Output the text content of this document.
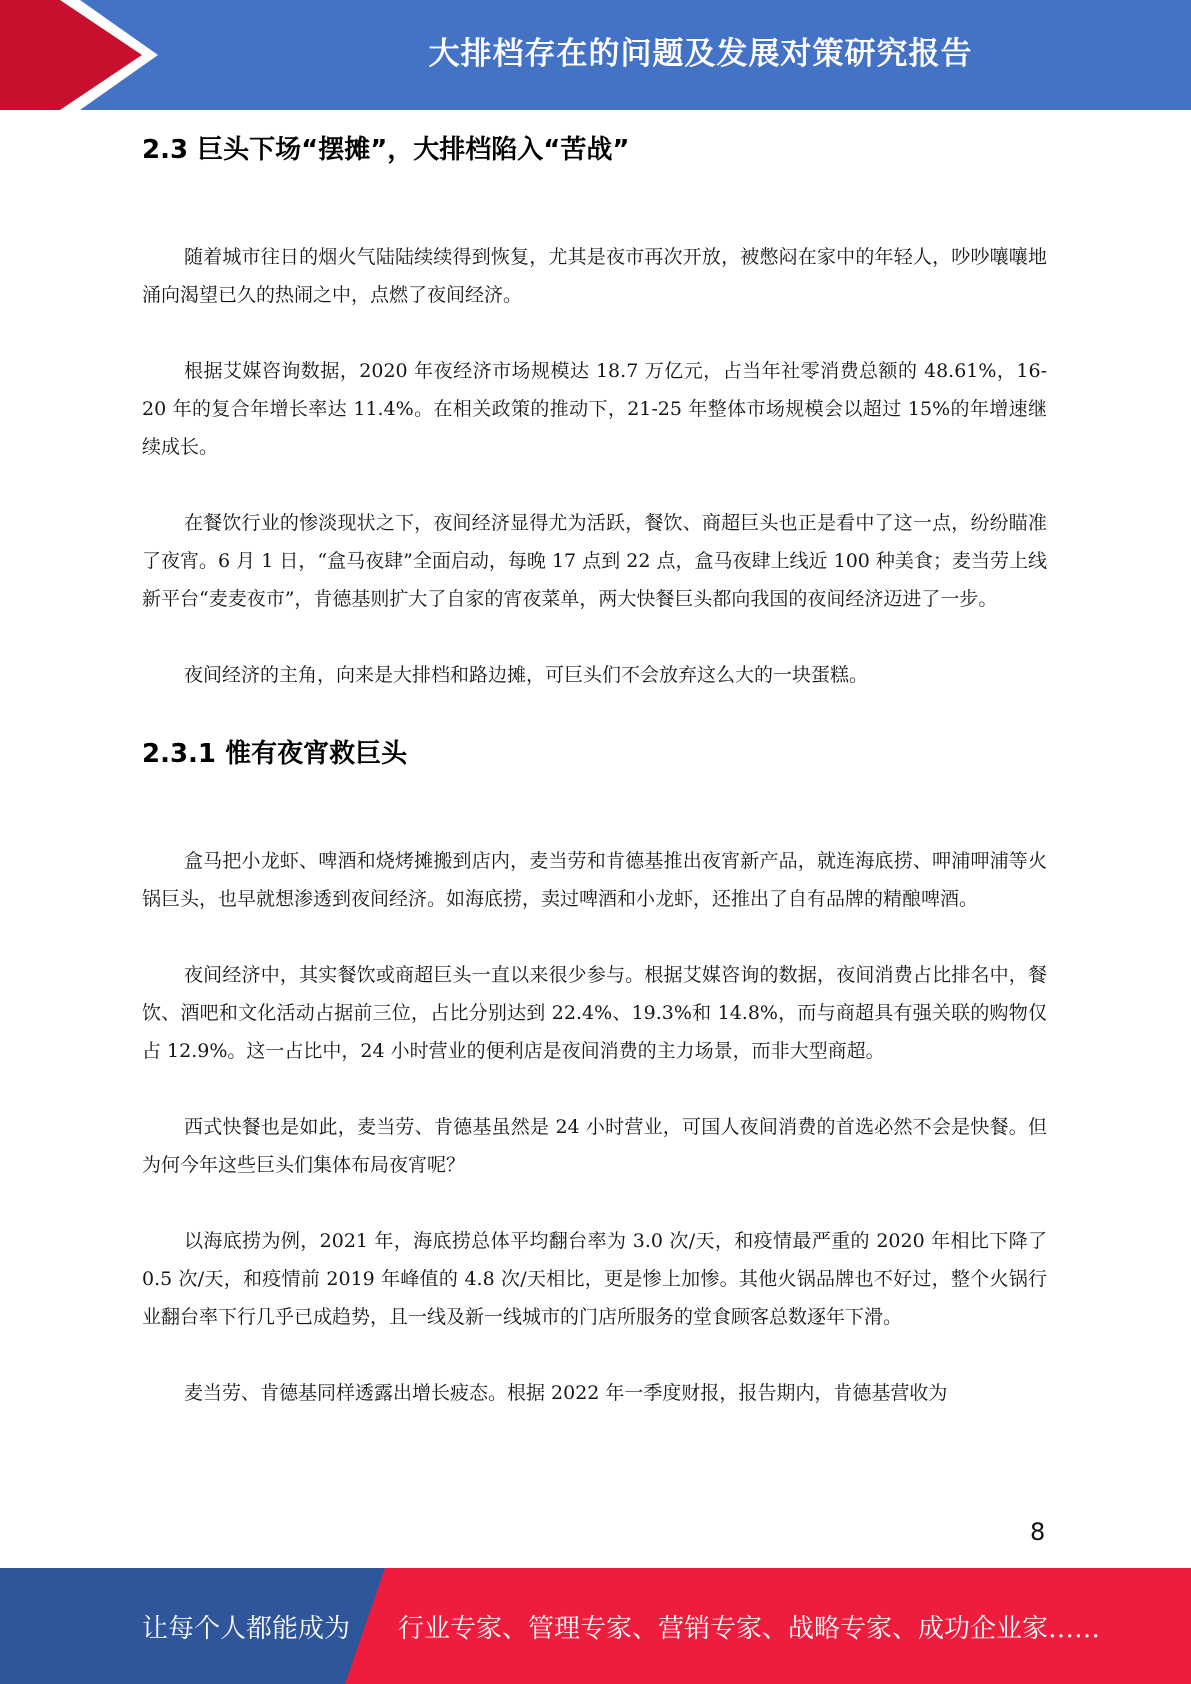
大排档存在的问题及发展对策研究报告
2.3 巨头下场“摆摊”，大排档陷入“苦战”

随着城市往日的烟火气陆陆续续得到恢复，尤其是夜市再次开放，被憋闷在家中的年轻人，吵吵嚷嚷地涌向渴望已久的热闹之中，点燃了夜间经济。

根据艾媒咨询数据，2020 年夜经济市场规模达 18.7 万亿元，占当年社零消费总额的 48.61%，16-20 年的复合年增长率达 11.4%。在相关政策的推动下，21-25 年整体市场规模会以超过 15%的年增速继续成长。

在餐饮行业的惨淡现状之下，夜间经济显得尤为活跃，餐饮、商超巨头也正是看中了这一点，纷纷瞄准了夜宵。6 月 1 日，“盒马夜肆”全面启动，每晚 17 点到 22 点，盒马夜肆上线近 100 种美食；麦当劳上线新平台“麦麦夜市”，肯德基则扩大了自家的宵夜菜单，两大快餐巨头都向我国的夜间经济迈进了一步。

夜间经济的主角，向来是大排档和路边摊，可巨头们不会放弃这么大的一块蛋糕。

2.3.1 惟有夜宵救巨头

盒马把小龙虾、啤酒和烧烤摊搬到店内，麦当劳和肯德基推出夜宵新产品，就连海底捞、呷浦呷浦等火锅巨头，也早就想渗透到夜间经济。如海底捞，卖过啤酒和小龙虾，还推出了自有品牌的精酿啤酒。

夜间经济中，其实餐饮或商超巨头一直以来很少参与。根据艾媒咨询的数据，夜间消费占比排名中，餐饮、酒吧和文化活动占据前三位，占比分别达到 22.4%、19.3%和 14.8%，而与商超具有强关联的购物仅占 12.9%。这一占比中，24 小时营业的便利店是夜间消费的主力场景，而非大型商超。

西式快餐也是如此，麦当劳、肯德基虽然是 24 小时营业，可国人夜间消费的首选必然不会是快餐。但为何今年这些巨头们集体布局夜宵呢？

以海底捞为例，2021 年，海底捞总体平均翻台率为 3.0 次/天，和疫情最严重的 2020 年相比下降了 0.5 次/天，和疫情前 2019 年峰值的 4.8 次/天相比，更是惨上加惨。其他火锅品牌也不好过，整个火锅行业翻台率下行几乎已成趋势，且一线及新一线城市的门店所服务的堂食顾客总数逐年下滑。

麦当劳、肯德基同样透露出增长疲态。根据 2022 年一季度财报，报告期内，肯德基营收为

8
让每个人都能成为 行业专家、管理专家、营销专家、战略专家、成功企业家……
